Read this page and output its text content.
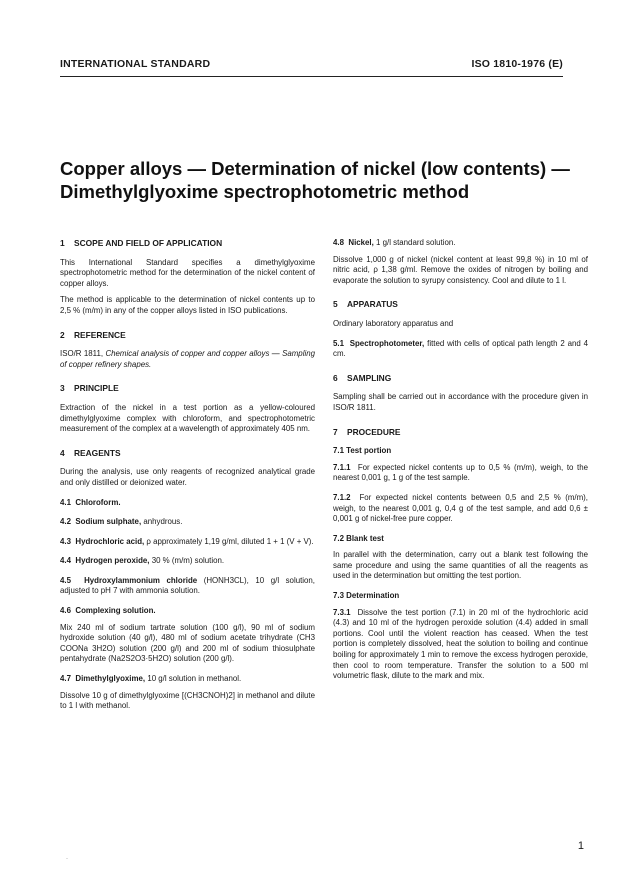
INTERNATIONAL STANDARD	ISO 1810-1976 (E)
Copper alloys — Determination of nickel (low contents) —
Dimethylglyoxime spectrophotometric method
1 SCOPE AND FIELD OF APPLICATION

This International Standard specifies a dimethylglyoxime spectrophotometric method for the determination of the nickel content of copper alloys.

The method is applicable to the determination of nickel contents up to 2,5 % (m/m) in any of the copper alloys listed in ISO publications.

2 REFERENCE

ISO/R 1811, Chemical analysis of copper and copper alloys — Sampling of copper refinery shapes.

3 PRINCIPLE

Extraction of the nickel in a test portion as a yellow-coloured dimethylglyoxime complex with chloroform, and spectrophotometric measurement of the complex at a wavelength of approximately 405 nm.

4 REAGENTS

During the analysis, use only reagents of recognized analytical grade and only distilled or deionized water.

4.1 Chloroform.

4.2 Sodium sulphate, anhydrous.

4.3 Hydrochloric acid, ρ approximately 1,19 g/ml, diluted 1 + 1 (V + V).

4.4 Hydrogen peroxide, 30 % (m/m) solution.

4.5 Hydroxylammonium chloride (HONH3CL), 10 g/l solution, adjusted to pH 7 with ammonia solution.

4.6 Complexing solution.

Mix 240 ml of sodium tartrate solution (100 g/l), 90 ml of sodium hydroxide solution (40 g/l), 480 ml of sodium acetate trihydrate (CH3 COONa 3H2O) solution (200 g/l) and 200 ml of sodium thiosulphate pentahydrate (Na2S2O3·5H2O) solution (200 g/l).

4.7 Dimethylglyoxime, 10 g/l solution in methanol.

Dissolve 10 g of dimethylglyoxime [(CH3CNOH)2] in methanol and dilute to 1 l with methanol.

4.8 Nickel, 1 g/l standard solution.

Dissolve 1,000 g of nickel (nickel content at least 99,8 %) in 10 ml of nitric acid, ρ 1,38 g/ml. Remove the oxides of nitrogen by boiling and evaporate the solution to syrupy consistency. Cool and dilute to 1 l.

5 APPARATUS

Ordinary laboratory apparatus and

5.1 Spectrophotometer, fitted with cells of optical path length 2 and 4 cm.

6 SAMPLING

Sampling shall be carried out in accordance with the procedure given in ISO/R 1811.

7 PROCEDURE

7.1 Test portion

7.1.1 For expected nickel contents up to 0,5 % (m/m), weigh, to the nearest 0,001 g, 1 g of the test sample.

7.1.2 For expected nickel contents between 0,5 and 2,5 % (m/m), weigh, to the nearest 0,001 g, 0,4 g of the test sample, and add 0,6 ± 0,001 g of nickel-free pure copper.

7.2 Blank test

In parallel with the determination, carry out a blank test following the same procedure and using the same quantities of all the reagents as used in the determination but omitting the test portion.

7.3 Determination

7.3.1 Dissolve the test portion (7.1) in 20 ml of the hydrochloric acid (4.3) and 10 ml of the hydrogen peroxide solution (4.4) added in small portions. Cool until the violent reaction has ceased. When the test portion is completely dissolved, heat the solution to boiling and continue boiling for approximately 1 min to remove the excess hydrogen peroxide, then cool to room temperature. Transfer the solution to a 500 ml volumetric flask, dilute to the mark and mix.

1
·
